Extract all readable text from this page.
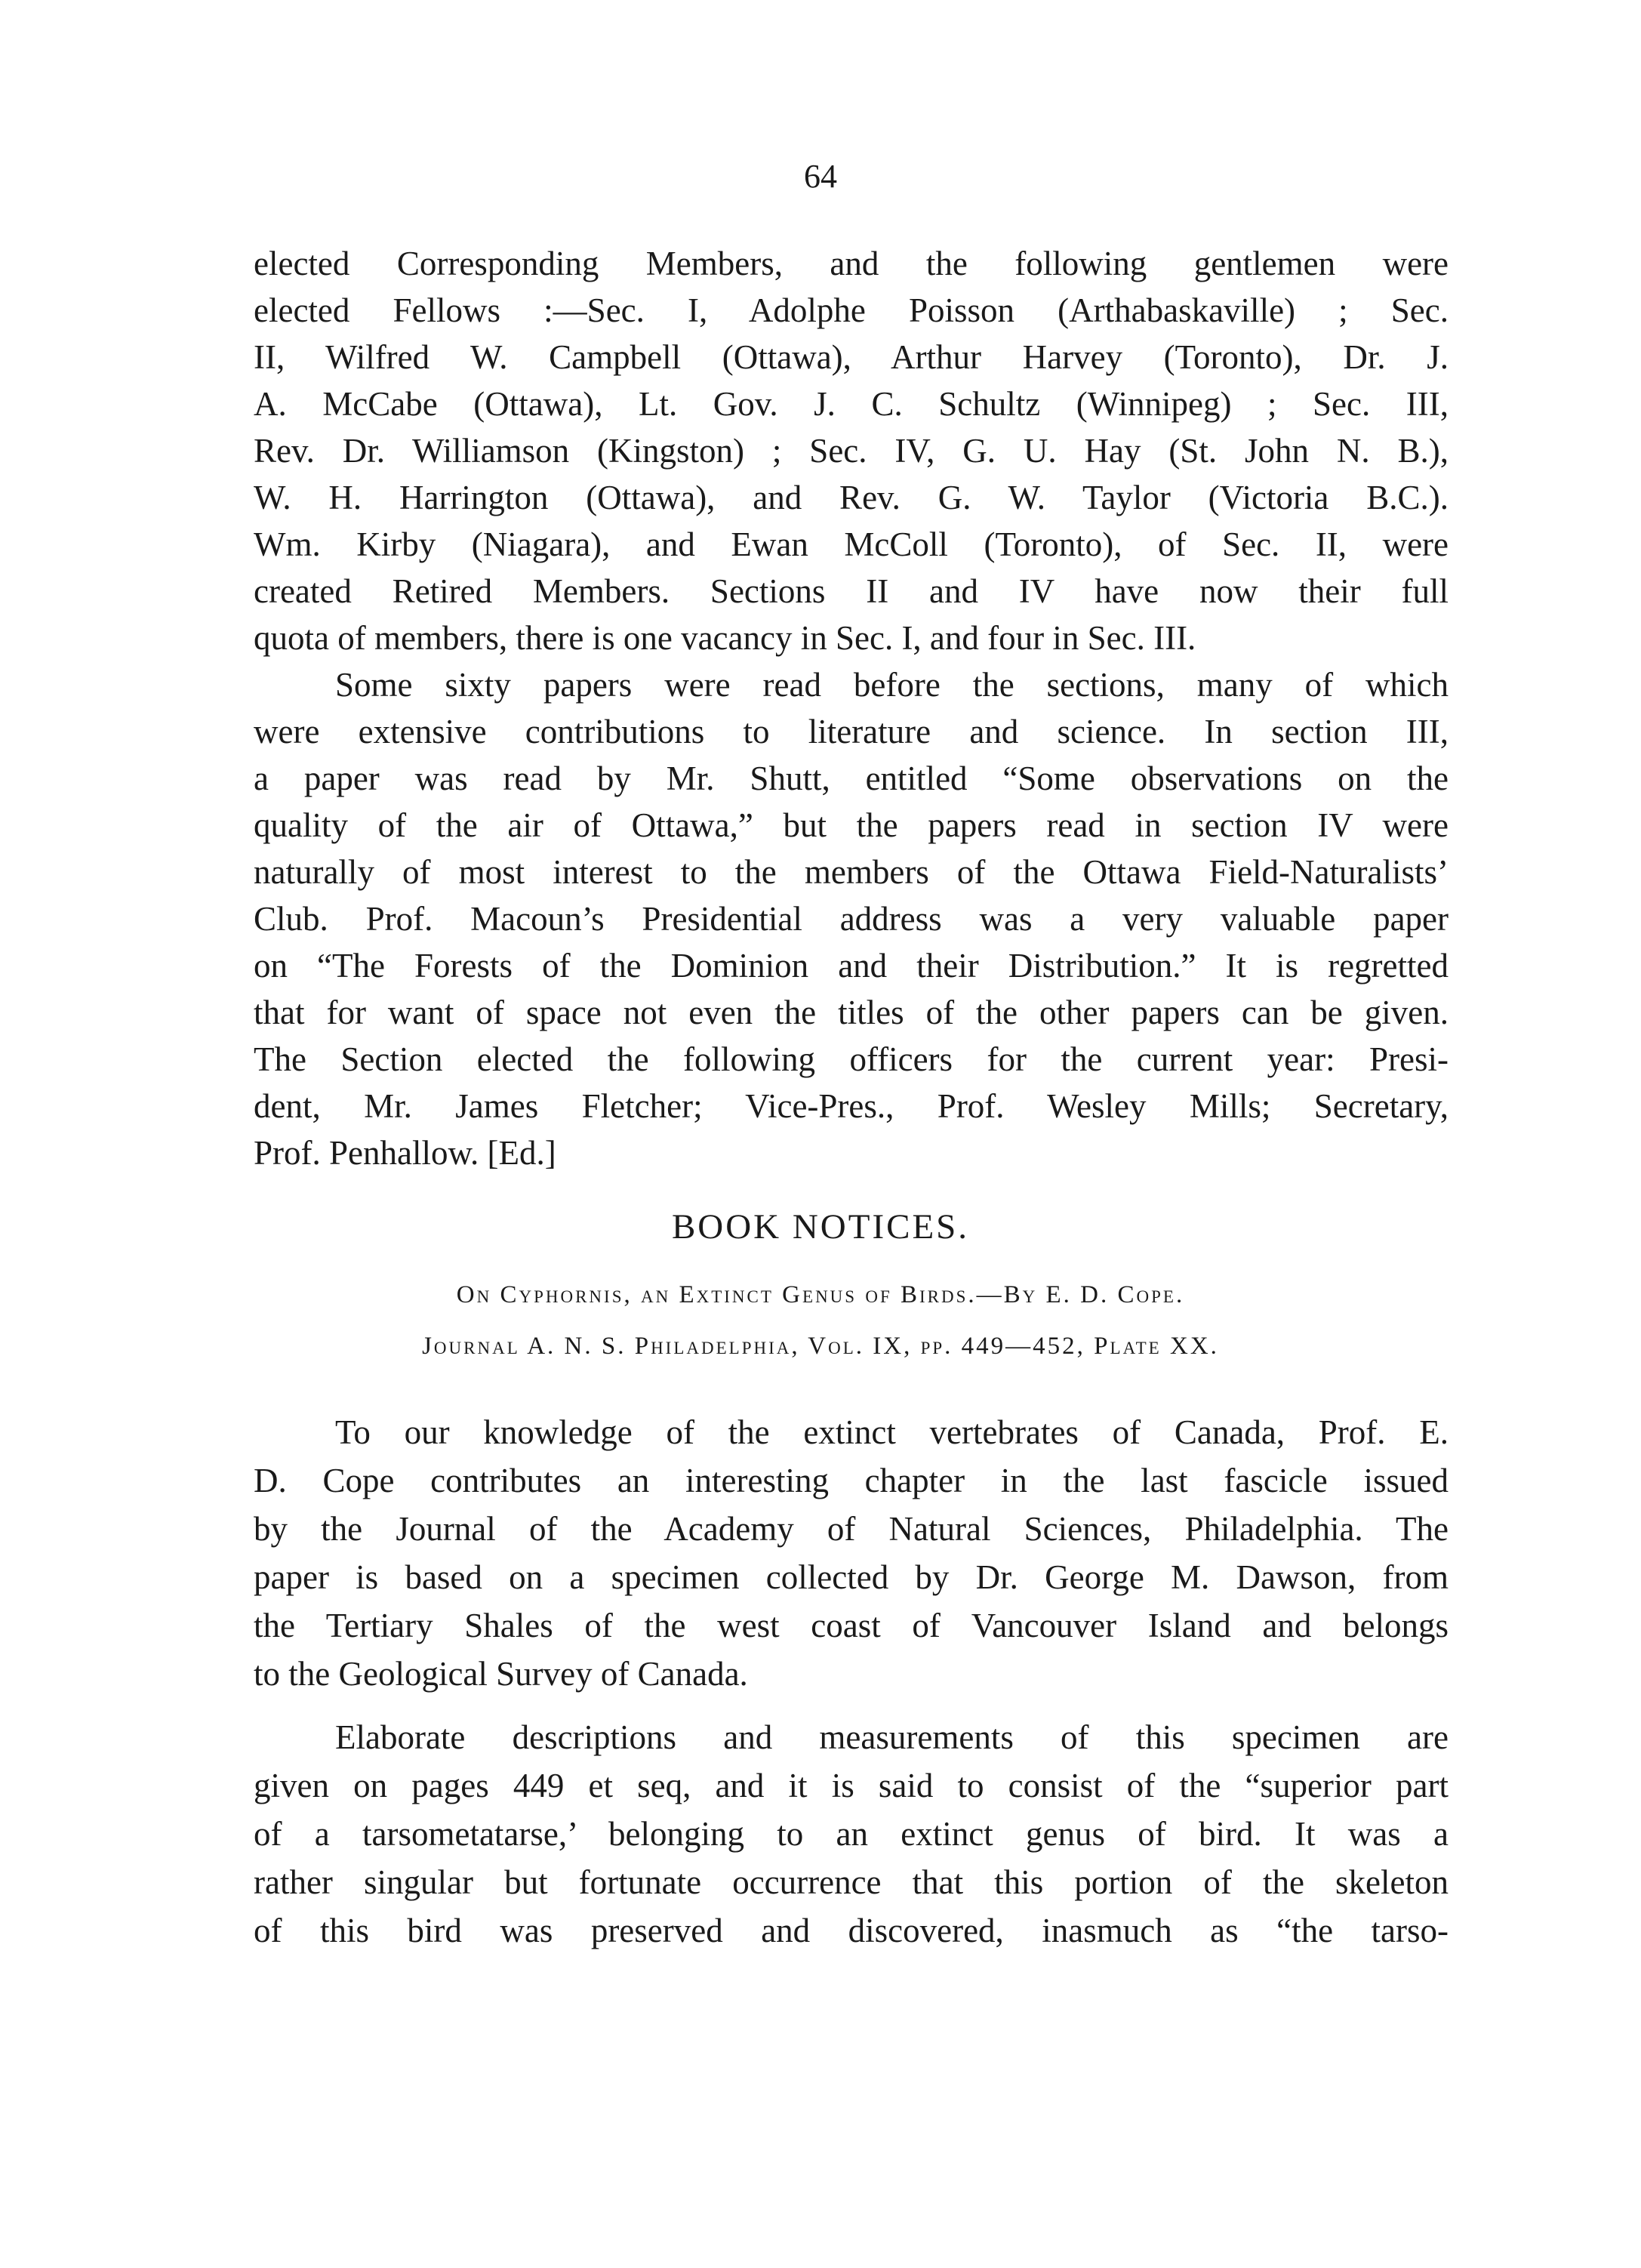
64
elected Corresponding Members, and the following gentlemen were
elected Fellows :—Sec. I, Adolphe Poisson (Arthabaskaville) ; Sec.
II, Wilfred W. Campbell (Ottawa), Arthur Harvey (Toronto), Dr. J.
A. McCabe (Ottawa), Lt. Gov. J. C. Schultz (Winnipeg) ; Sec. III,
Rev. Dr. Williamson (Kingston) ; Sec. IV, G. U. Hay (St. John N. B.),
W. H. Harrington (Ottawa), and Rev. G. W. Taylor (Victoria B.C.).
Wm. Kirby (Niagara), and Ewan McColl (Toronto), of Sec. II, were
created Retired Members. Sections II and IV have now their full
quota of members, there is one vacancy in Sec. I, and four in Sec. III.
Some sixty papers were read before the sections, many of which
were extensive contributions to literature and science. In section III,
a paper was read by Mr. Shutt, entitled “Some observations on the
quality of the air of Ottawa,” but the papers read in section IV were
naturally of most interest to the members of the Ottawa Field-Naturalists’
Club. Prof. Macoun’s Presidential address was a very valuable paper
on “The Forests of the Dominion and their Distribution.” It is regretted
that for want of space not even the titles of the other papers can be given.
The Section elected the following officers for the current year: Presi-
dent, Mr. James Fletcher; Vice-Pres., Prof. Wesley Mills; Secretary,
Prof. Penhallow. [Ed.]
BOOK NOTICES.
On Cyphornis, an Extinct Genus of Birds.—By E. D. Cope.
Journal A. N. S. Philadelphia, Vol. IX, pp. 449—452, Plate XX.
To our knowledge of the extinct vertebrates of Canada, Prof. E.
D. Cope contributes an interesting chapter in the last fascicle issued
by the Journal of the Academy of Natural Sciences, Philadelphia. The
paper is based on a specimen collected by Dr. George M. Dawson, from
the Tertiary Shales of the west coast of Vancouver Island and belongs
to the Geological Survey of Canada.
Elaborate descriptions and measurements of this specimen are
given on pages 449 et seq, and it is said to consist of the “superior part
of a tarsometatarse,’ belonging to an extinct genus of bird. It was a
rather singular but fortunate occurrence that this portion of the skeleton
of this bird was preserved and discovered, inasmuch as “the tarso-
